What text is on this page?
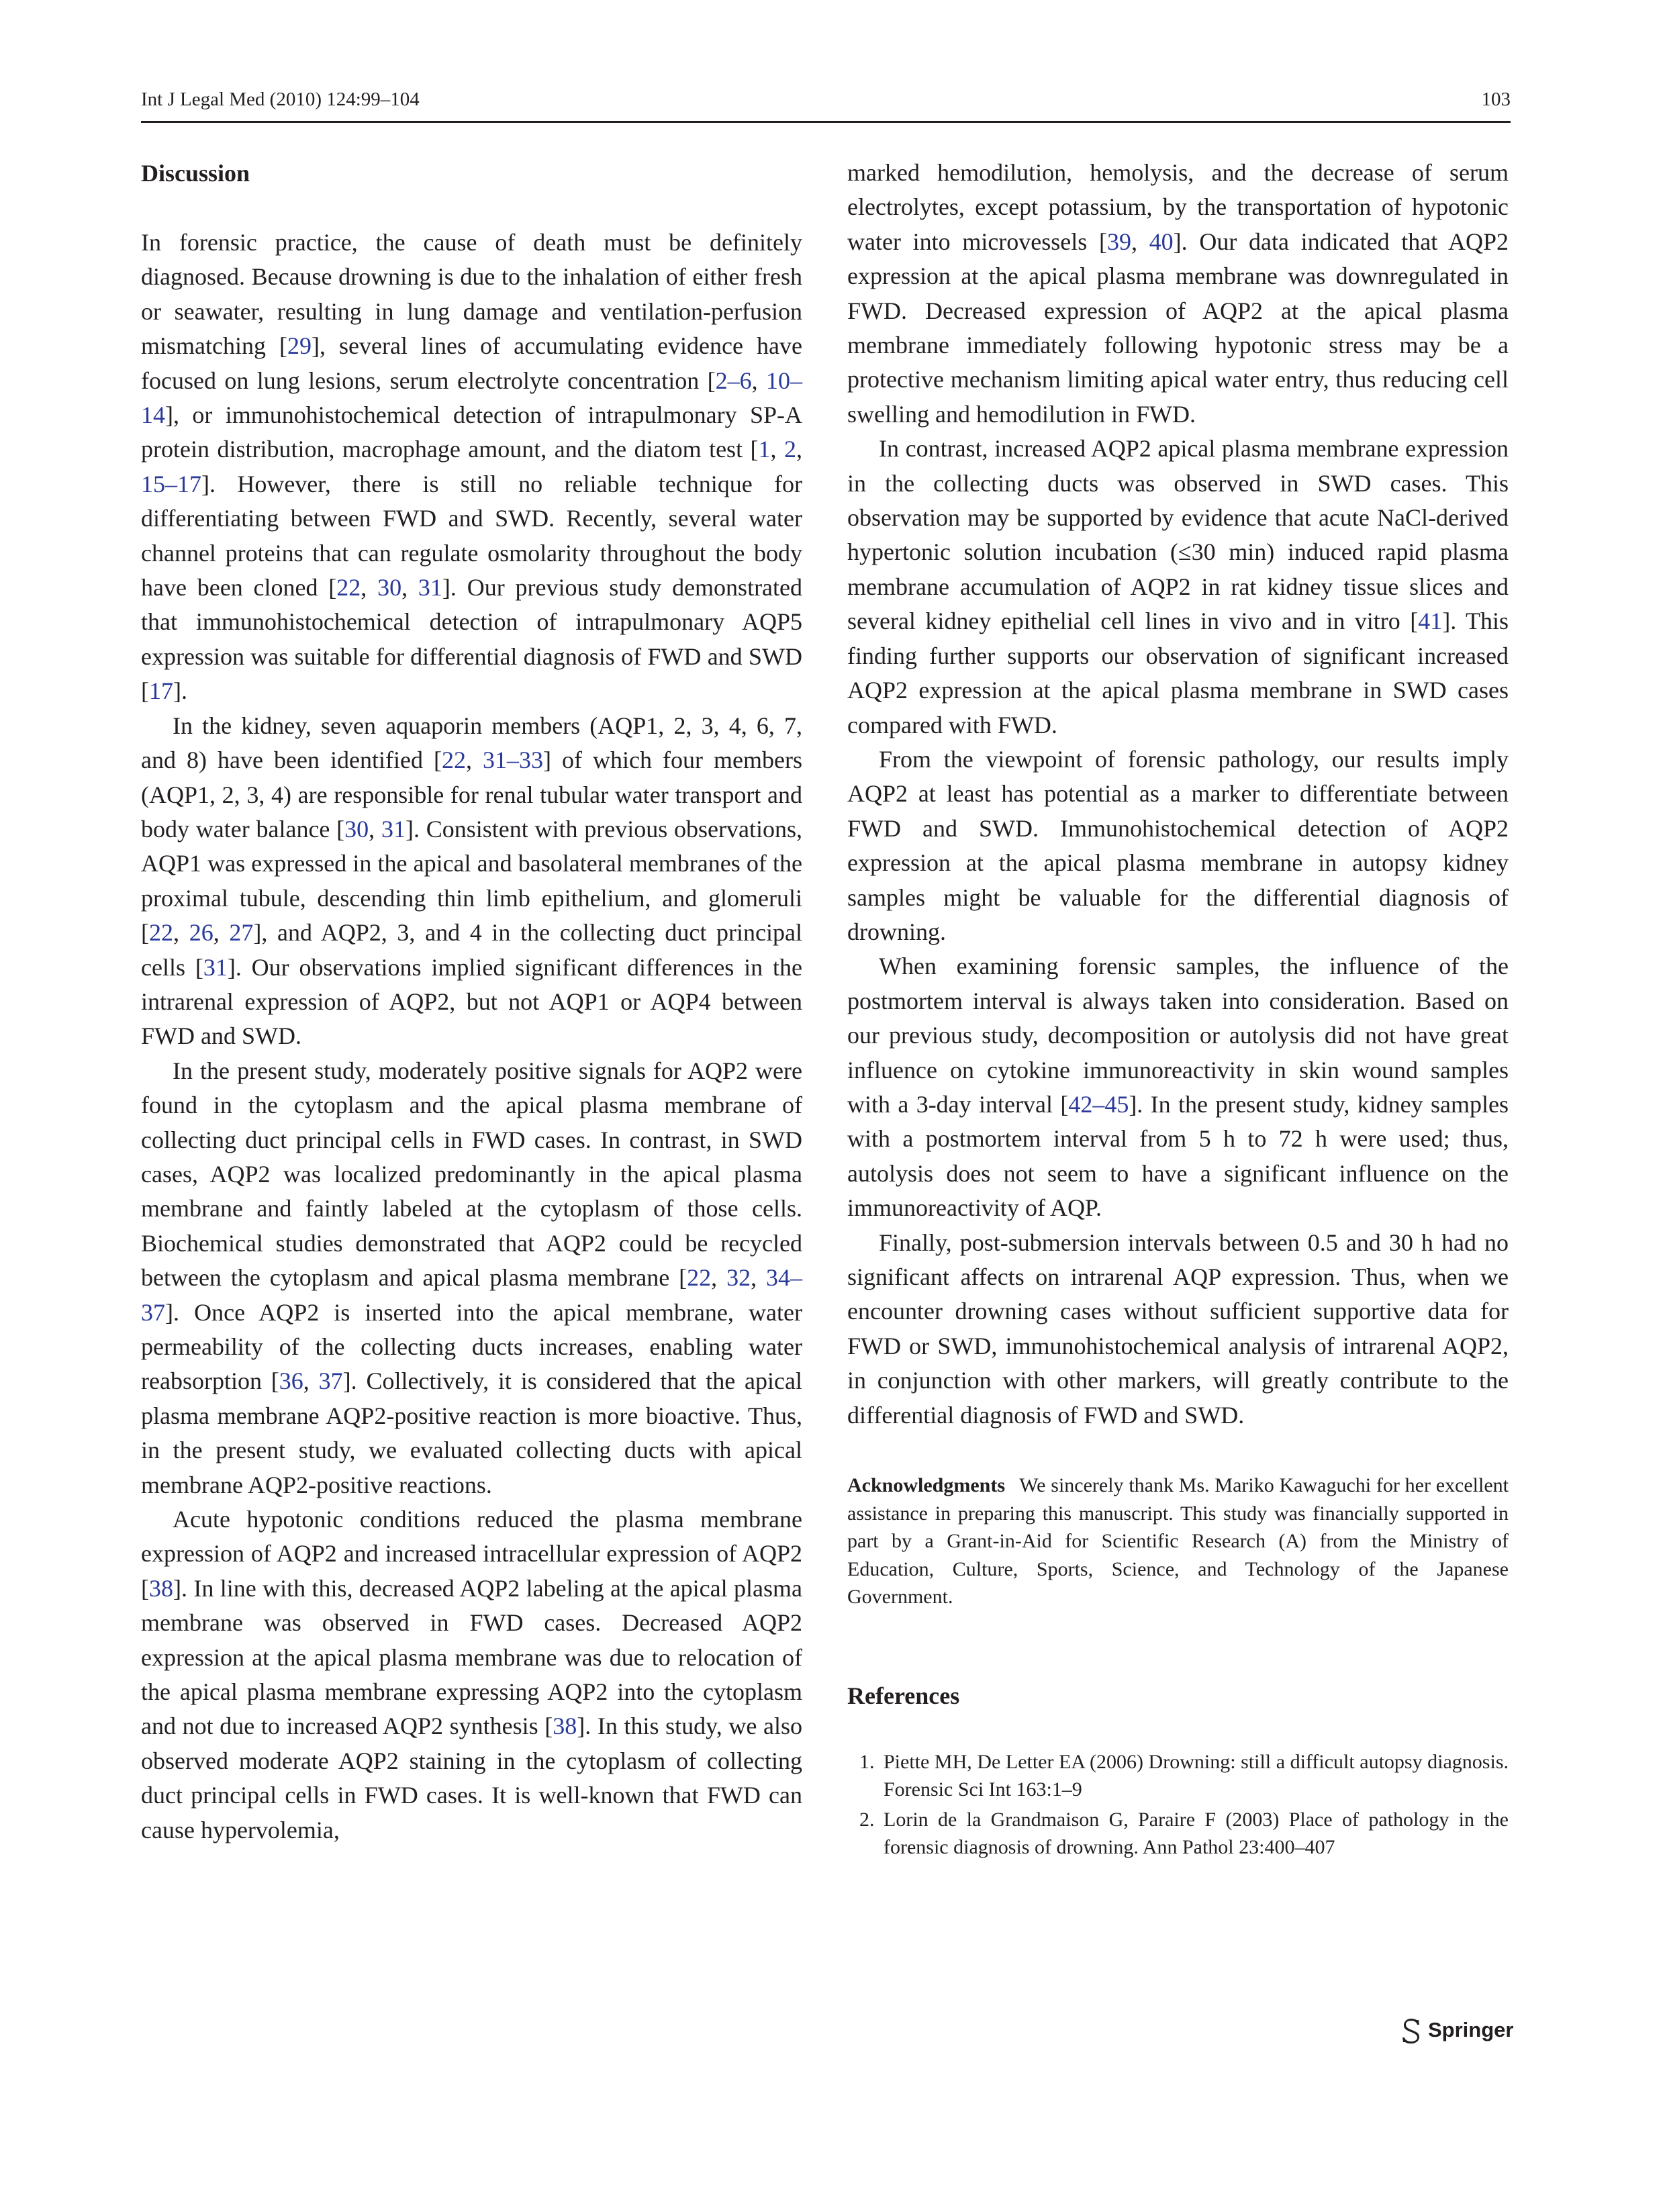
Int J Legal Med (2010) 124:99–104	103
Discussion

In forensic practice, the cause of death must be definitely diagnosed. Because drowning is due to the inhalation of either fresh or seawater, resulting in lung damage and ventilation-perfusion mismatching [29], several lines of accumulating evidence have focused on lung lesions, serum electrolyte concentration [2–6, 10–14], or immunohistochemical detection of intrapulmonary SP-A protein distribution, macrophage amount, and the diatom test [1, 2, 15–17]. However, there is still no reliable technique for differentiating between FWD and SWD. Recently, several water channel proteins that can regulate osmolarity throughout the body have been cloned [22, 30, 31]. Our previous study demonstrated that immunohistochemical detection of intrapulmonary AQP5 expression was suitable for differential diagnosis of FWD and SWD [17].

In the kidney, seven aquaporin members (AQP1, 2, 3, 4, 6, 7, and 8) have been identified [22, 31–33] of which four members (AQP1, 2, 3, 4) are responsible for renal tubular water transport and body water balance [30, 31]. Consistent with previous observations, AQP1 was expressed in the apical and basolateral membranes of the proximal tubule, descending thin limb epithelium, and glomeruli [22, 26, 27], and AQP2, 3, and 4 in the collecting duct principal cells [31]. Our observations implied significant differences in the intrarenal expression of AQP2, but not AQP1 or AQP4 between FWD and SWD.

In the present study, moderately positive signals for AQP2 were found in the cytoplasm and the apical plasma membrane of collecting duct principal cells in FWD cases. In contrast, in SWD cases, AQP2 was localized predominantly in the apical plasma membrane and faintly labeled at the cytoplasm of those cells. Biochemical studies demonstrated that AQP2 could be recycled between the cytoplasm and apical plasma membrane [22, 32, 34–37]. Once AQP2 is inserted into the apical membrane, water permeability of the collecting ducts increases, enabling water reabsorption [36, 37]. Collectively, it is considered that the apical plasma membrane AQP2-positive reaction is more bioactive. Thus, in the present study, we evaluated collecting ducts with apical membrane AQP2-positive reactions.

Acute hypotonic conditions reduced the plasma membrane expression of AQP2 and increased intracellular expression of AQP2 [38]. In line with this, decreased AQP2 labeling at the apical plasma membrane was observed in FWD cases. Decreased AQP2 expression at the apical plasma membrane was due to relocation of the apical plasma membrane expressing AQP2 into the cytoplasm and not due to increased AQP2 synthesis [38]. In this study, we also observed moderate AQP2 staining in the cytoplasm of collecting duct principal cells in FWD cases. It is well-known that FWD can cause hypervolemia,

marked hemodilution, hemolysis, and the decrease of serum electrolytes, except potassium, by the transportation of hypotonic water into microvessels [39, 40]. Our data indicated that AQP2 expression at the apical plasma membrane was downregulated in FWD. Decreased expression of AQP2 at the apical plasma membrane immediately following hypotonic stress may be a protective mechanism limiting apical water entry, thus reducing cell swelling and hemodilution in FWD.

In contrast, increased AQP2 apical plasma membrane expression in the collecting ducts was observed in SWD cases. This observation may be supported by evidence that acute NaCl-derived hypertonic solution incubation (≤30 min) induced rapid plasma membrane accumulation of AQP2 in rat kidney tissue slices and several kidney epithelial cell lines in vivo and in vitro [41]. This finding further supports our observation of significant increased AQP2 expression at the apical plasma membrane in SWD cases compared with FWD.

From the viewpoint of forensic pathology, our results imply AQP2 at least has potential as a marker to differentiate between FWD and SWD. Immunohistochemical detection of AQP2 expression at the apical plasma membrane in autopsy kidney samples might be valuable for the differential diagnosis of drowning.

When examining forensic samples, the influence of the postmortem interval is always taken into consideration. Based on our previous study, decomposition or autolysis did not have great influence on cytokine immunoreactivity in skin wound samples with a 3-day interval [42–45]. In the present study, kidney samples with a postmortem interval from 5 h to 72 h were used; thus, autolysis does not seem to have a significant influence on the immunoreactivity of AQP.

Finally, post-submersion intervals between 0.5 and 30 h had no significant affects on intrarenal AQP expression. Thus, when we encounter drowning cases without sufficient supportive data for FWD or SWD, immunohistochemical analysis of intrarenal AQP2, in conjunction with other markers, will greatly contribute to the differential diagnosis of FWD and SWD.

Acknowledgments We sincerely thank Ms. Mariko Kawaguchi for her excellent assistance in preparing this manuscript. This study was financially supported in part by a Grant-in-Aid for Scientific Research (A) from the Ministry of Education, Culture, Sports, Science, and Technology of the Japanese Government.
References
1. Piette MH, De Letter EA (2006) Drowning: still a difficult autopsy diagnosis. Forensic Sci Int 163:1–9
2. Lorin de la Grandmaison G, Paraire F (2003) Place of pathology in the forensic diagnosis of drowning. Ann Pathol 23:400–407
Springer
